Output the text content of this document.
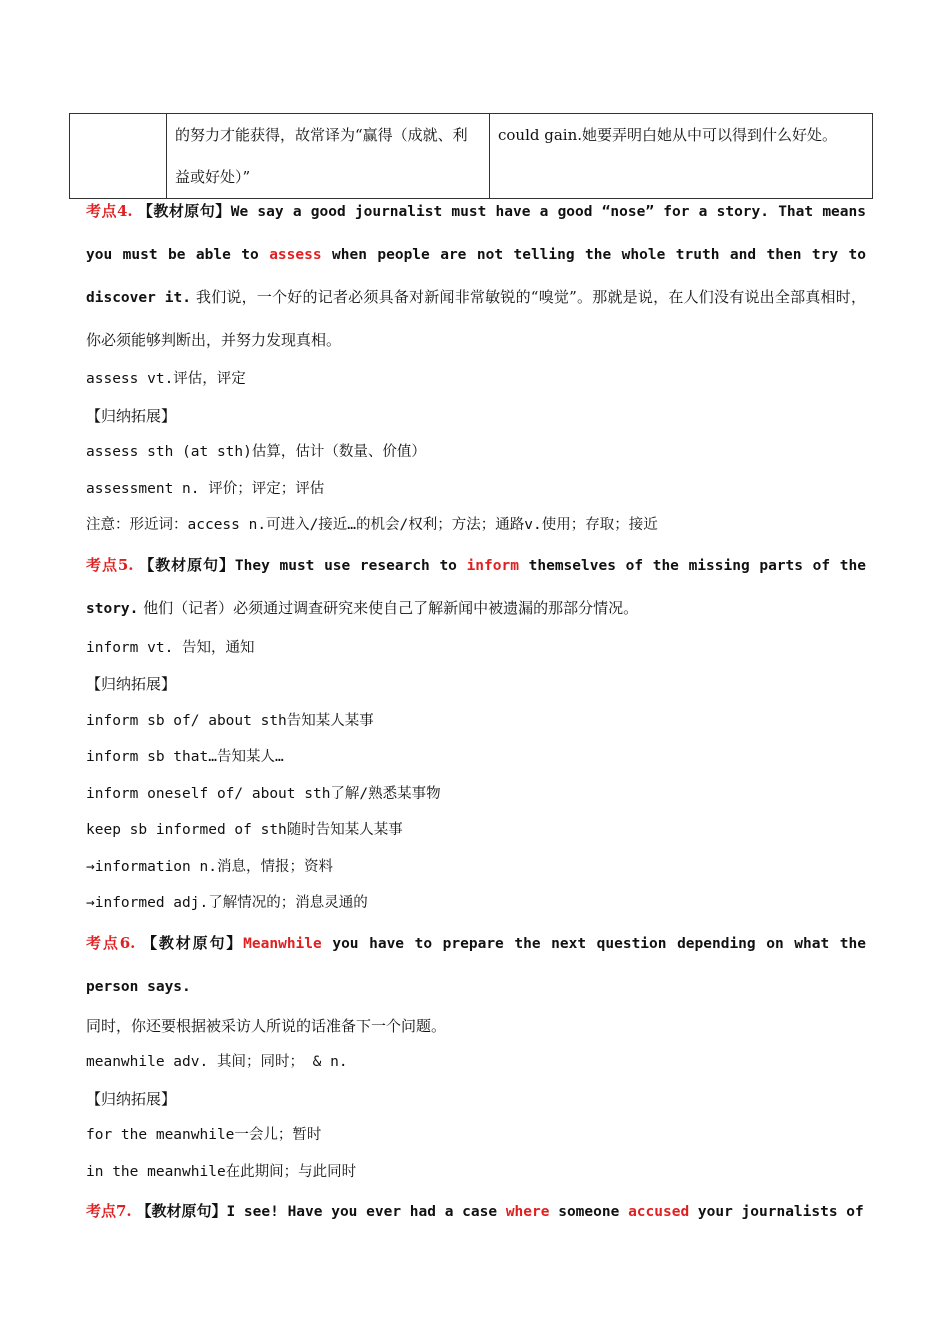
	的努力才能获得，故常译为“赢得（成就、利益或好处）”	could gain.她要弄明白她从中可以得到什么好处。
考点4. 【教材原句】We say a good journalist must have a good “nose” for a story. That means you must be able to assess when people are not telling the whole truth and then try to discover it. 我们说，一个好的记者必须具备对新闻非常敏锐的“嗅觉”。那就是说，在人们没有说出全部真相时，你必须能够判断出，并努力发现真相。
assess vt.评估，评定
【归纳拓展】
assess sth (at sth)估算，估计（数量、价值）
assessment n. 评价；评定；评估
注意：形近词：access n.可进入/接近…的机会/权利；方法；通路v.使用；存取；接近
考点5. 【教材原句】They must use research to inform themselves of the missing parts of the story. 他们（记者）必须通过调查研究来使自己了解新闻中被遗漏的那部分情况。
inform vt. 告知，通知
【归纳拓展】
inform sb of/ about sth告知某人某事
inform sb that…告知某人…
inform oneself of/ about sth了解/熟悉某事物
keep sb informed of sth随时告知某人某事
→information n.消息，情报；资料
→informed adj.了解情况的；消息灵通的
考点6. 【教材原句】Meanwhile you have to prepare the next question depending on what the person says.
同时，你还要根据被采访人所说的话准备下一个问题。
meanwhile adv. 其间；同时； & n.
【归纳拓展】
for the meanwhile一会儿；暂时
in the meanwhile在此期间；与此同时
考点7. 【教材原句】I see! Have you ever had a case where someone accused your journalists of
